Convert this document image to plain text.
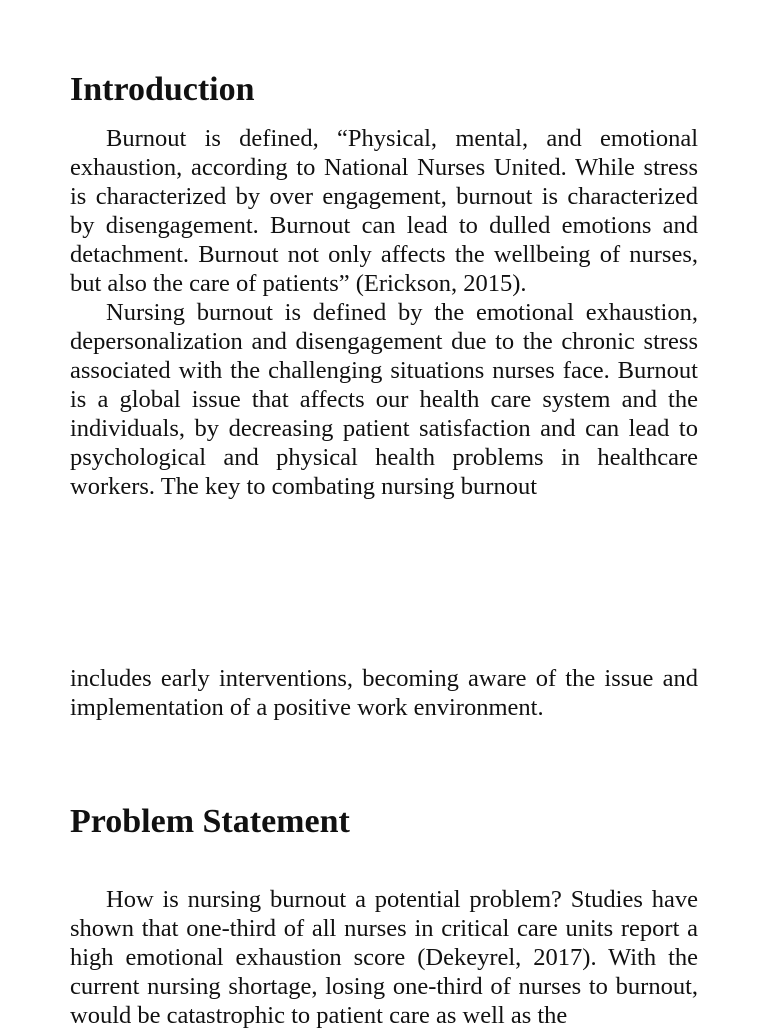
Introduction

Burnout is defined, “Physical, mental, and emotional exhaustion, according to National Nurses United. While stress is characterized by over engagement, burnout is characterized by disengagement. Burnout can lead to dulled emotions and detachment. Burnout not only affects the wellbeing of nurses, but also the care of patients” (Erickson, 2015).

Nursing burnout is defined by the emotional exhaustion, depersonalization and disengagement due to the chronic stress associated with the challenging situations nurses face. Burnout is a global issue that affects our health care system and the individuals, by decreasing patient satisfaction and can lead to psychological and physical health problems in healthcare workers. The key to combating nursing burnout

includes early interventions, becoming aware of the issue and implementation of a positive work environment.

Problem Statement

How is nursing burnout a potential problem? Studies have shown that one-third of all nurses in critical care units report a high emotional exhaustion score (Dekeyrel, 2017). With the current nursing shortage, losing one-third of nurses to burnout, would be catastrophic to patient care as well as the
